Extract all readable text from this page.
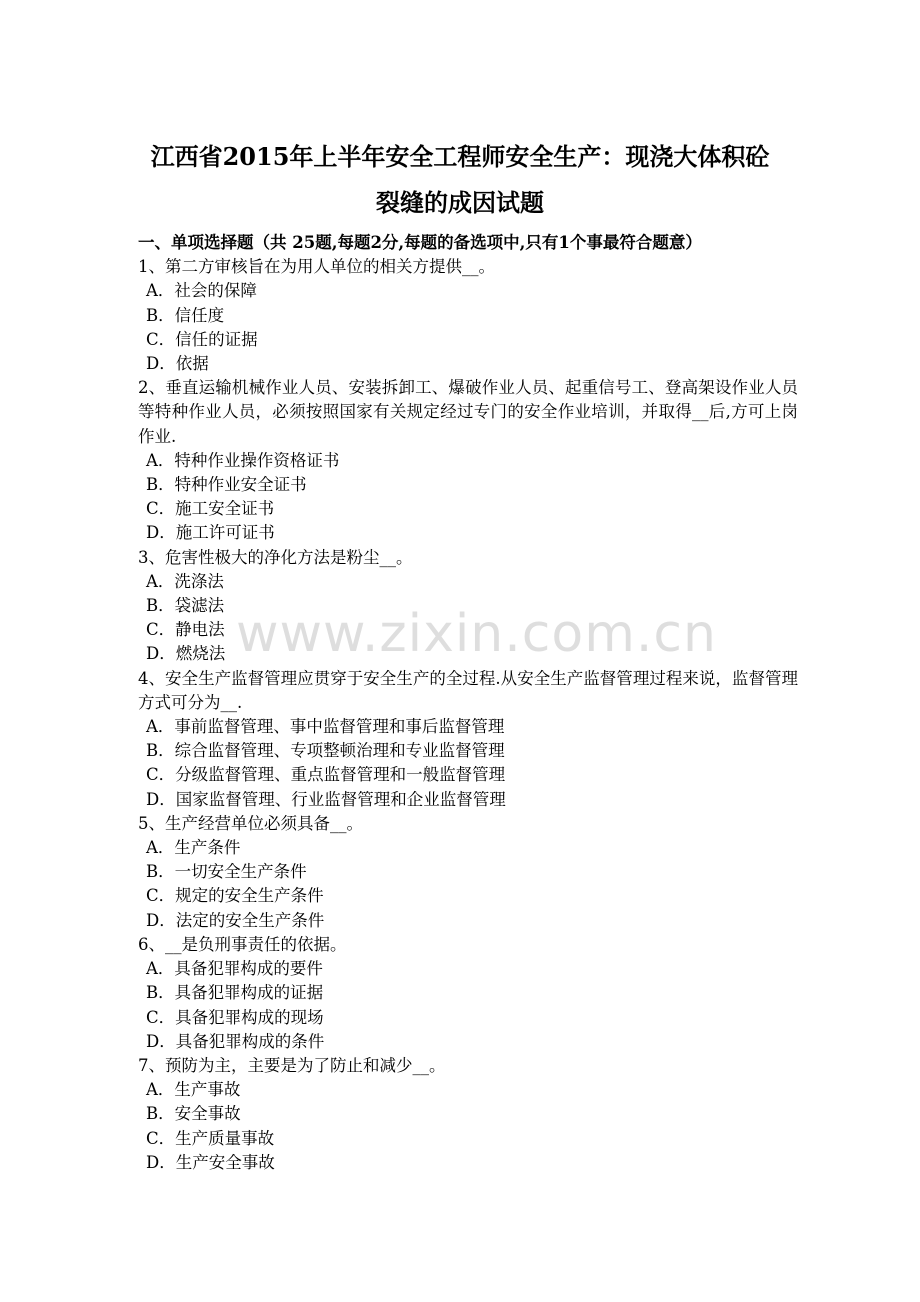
江西省2015年上半年安全工程师安全生产：现浇大体积砼
裂缝的成因试题
一、单项选择题（共 25题,每题2分,每题的备选项中,只有1个事最符合题意）
1、第二方审核旨在为用人单位的相关方提供__。
A．社会的保障
B．信任度
C．信任的证据
D．依据
2、垂直运输机械作业人员、安装拆卸工、爆破作业人员、起重信号工、登高架设作业人员等特种作业人员，必须按照国家有关规定经过专门的安全作业培训，并取得__后,方可上岗作业.
A．特种作业操作资格证书
B．特种作业安全证书
C．施工安全证书
D．施工许可证书
3、危害性极大的净化方法是粉尘__。
A．洗涤法
B．袋滤法
C．静电法
D．燃烧法
4、安全生产监督管理应贯穿于安全生产的全过程.从安全生产监督管理过程来说，监督管理方式可分为__.
A．事前监督管理、事中监督管理和事后监督管理
B．综合监督管理、专项整顿治理和专业监督管理
C．分级监督管理、重点监督管理和一般监督管理
D．国家监督管理、行业监督管理和企业监督管理
5、生产经营单位必须具备__。
A．生产条件
B．一切安全生产条件
C．规定的安全生产条件
D．法定的安全生产条件
6、__是负刑事责任的依据。
A．具备犯罪构成的要件
B．具备犯罪构成的证据
C．具备犯罪构成的现场
D．具备犯罪构成的条件
7、预防为主，主要是为了防止和减少__。
A．生产事故
B．安全事故
C．生产质量事故
D．生产安全事故
www.zixin.com.cn
